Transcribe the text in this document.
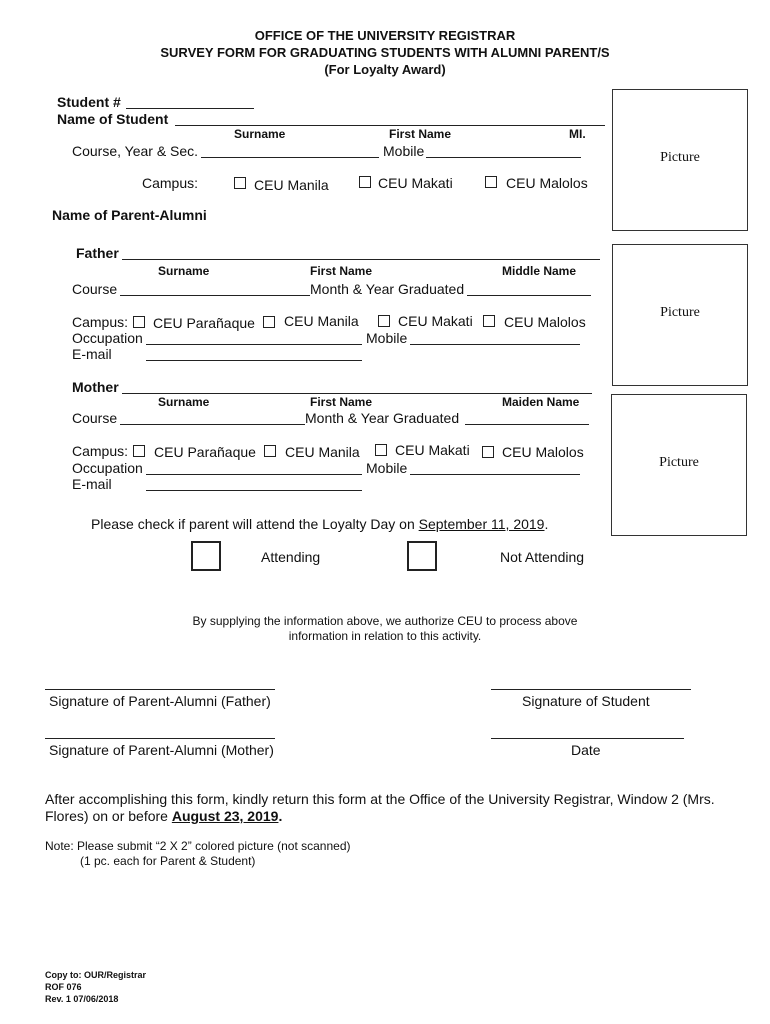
OFFICE OF THE UNIVERSITY REGISTRAR
SURVEY FORM FOR GRADUATING STUDENTS WITH ALUMNI PARENT/S
(For Loyalty Award)
Picture
Student #
Name of Student
Surname	First Name	MI.
Course, Year & Sec.	Mobile
Campus:	CEU Manila	CEU Makati	CEU Malolos
Name of Parent-Alumni
Picture
Father
Surname	First Name	Middle Name
Course	Month & Year Graduated
Campus: CEU Parañaque CEU Manila	CEU Makati CEU Malolos
Occupation	Mobile
E-mail
Picture
Mother
Surname	First Name	Maiden Name
Course	Month & Year Graduated
Campus: CEU Parañaque CEU Manila	CEU Makati CEU Malolos
Occupation	Mobile
E-mail
Please check if parent will attend the Loyalty Day on September 11, 2019.
Attending	Not Attending
By supplying the information above, we authorize CEU to process above
information in relation to this activity.
Signature of Parent-Alumni (Father)	Signature of Student
Signature of Parent-Alumni (Mother)	Date
After accomplishing this form, kindly return this form at the Office of the University Registrar, Window 2 (Mrs.
Flores) on or before August 23, 2019.
Note: Please submit “2 X 2” colored picture (not scanned)
(1 pc. each for Parent & Student)
Copy to: OUR/Registrar
ROF 076
Rev. 1 07/06/2018
